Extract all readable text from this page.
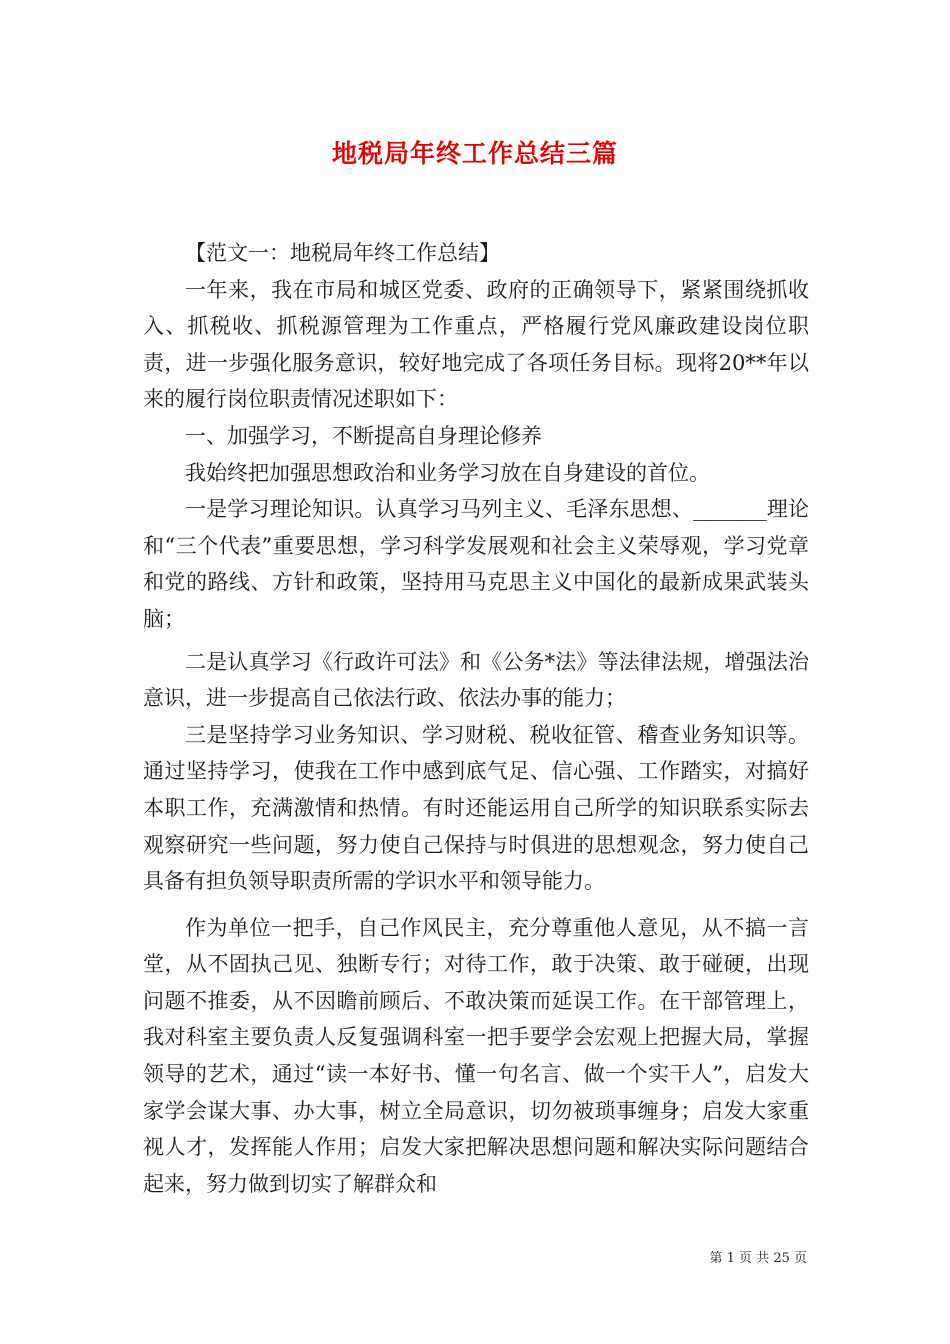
地税局年终工作总结三篇

【范文一：地税局年终工作总结】

一年来，我在市局和城区党委、政府的正确领导下，紧紧围绕抓收入、抓税收、抓税源管理为工作重点，严格履行党风廉政建设岗位职责，进一步强化服务意识，较好地完成了各项任务目标。现将20**年以来的履行岗位职责情况述职如下：

一、加强学习，不断提高自身理论修养

我始终把加强思想政治和业务学习放在自身建设的首位。

一是学习理论知识。认真学习马列主义、毛泽东思想、_______理论和“三个代表”重要思想，学习科学发展观和社会主义荣辱观，学习党章和党的路线、方针和政策，坚持用马克思主义中国化的最新成果武装头脑；

二是认真学习《行政许可法》和《公务*法》等法律法规，增强法治意识，进一步提高自己依法行政、依法办事的能力；

三是坚持学习业务知识、学习财税、税收征管、稽查业务知识等。通过坚持学习，使我在工作中感到底气足、信心强、工作踏实，对搞好本职工作，充满激情和热情。有时还能运用自己所学的知识联系实际去观察研究一些问题，努力使自己保持与时俱进的思想观念，努力使自己具备有担负领导职责所需的学识水平和领导能力。

作为单位一把手，自己作风民主，充分尊重他人意见，从不搞一言堂，从不固执己见、独断专行；对待工作，敢于决策、敢于碰硬，出现问题不推委，从不因瞻前顾后、不敢决策而延误工作。在干部管理上，我对科室主要负责人反复强调科室一把手要学会宏观上把握大局，掌握领导的艺术，通过“读一本好书、懂一句名言、做一个实干人”，启发大家学会谋大事、办大事，树立全局意识，切勿被琐事缠身；启发大家重视人才，发挥能人作用；启发大家把解决思想问题和解决实际问题结合起来，努力做到切实了解群众和

第 1 页 共 25 页
